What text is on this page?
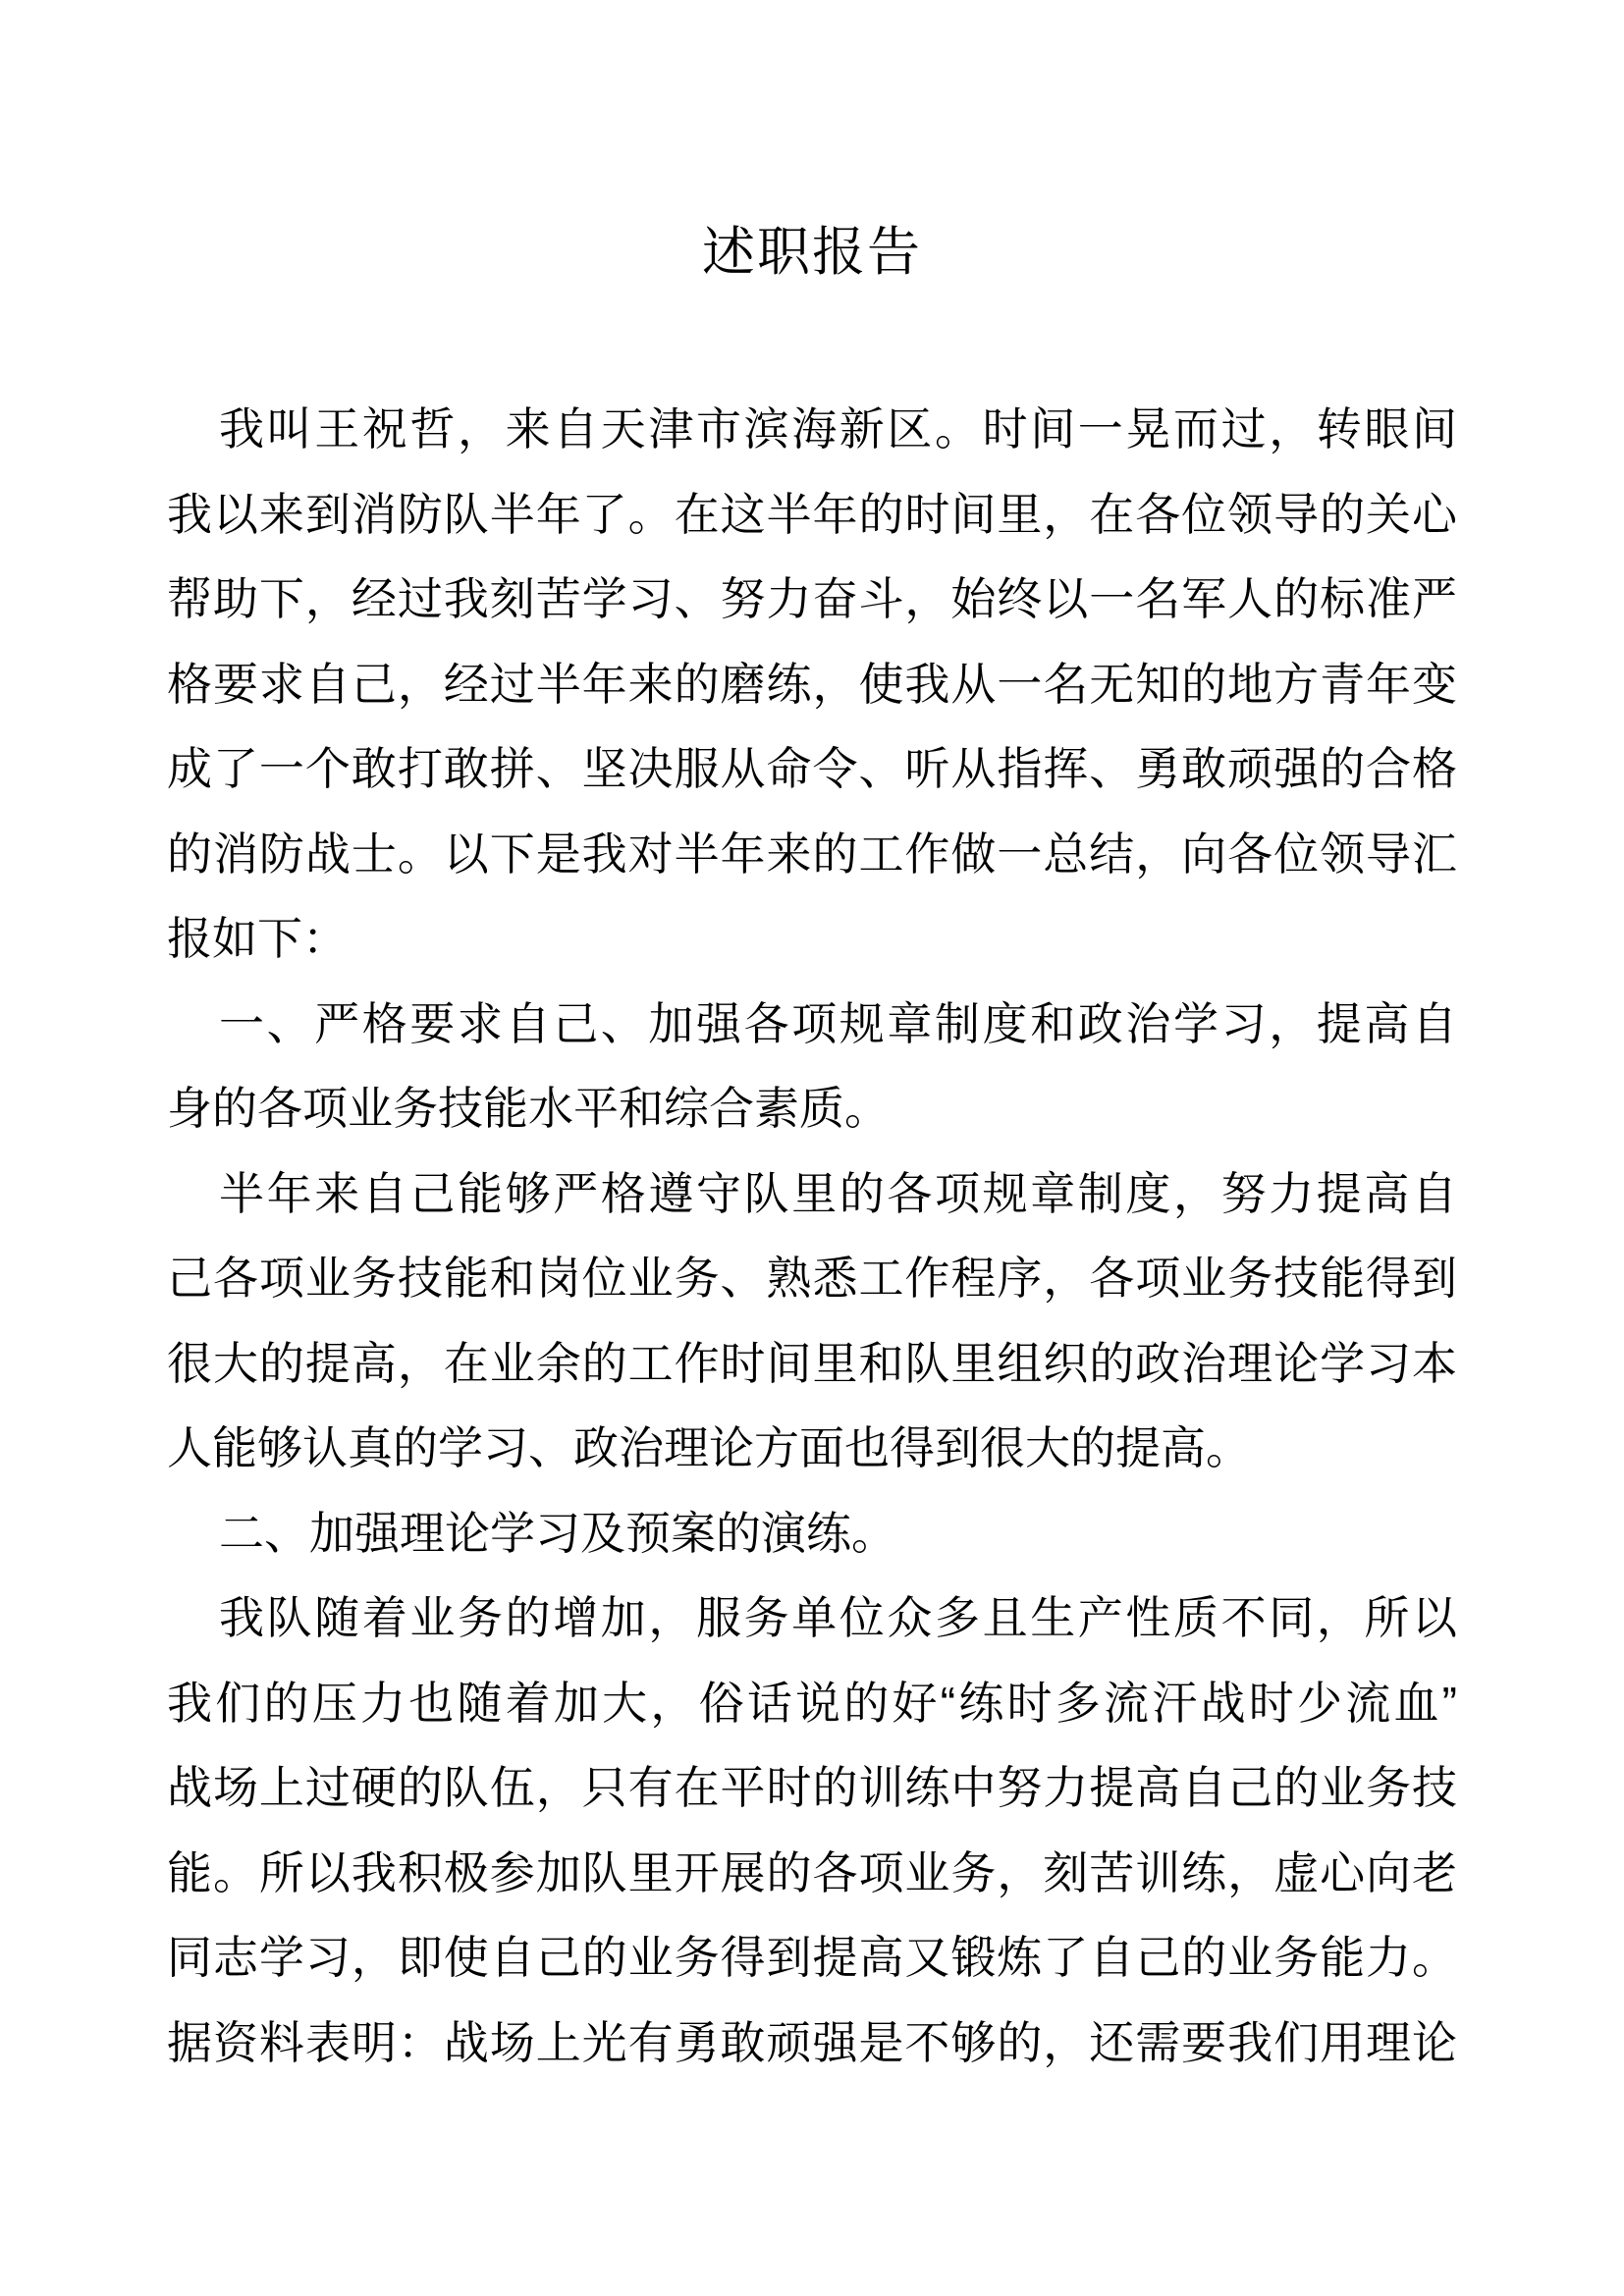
述职报告
我叫王祝哲，来自天津市滨海新区。时间一晃而过，转眼间
我以来到消防队半年了。在这半年的时间里，在各位领导的关心
帮助下，经过我刻苦学习、努力奋斗，始终以一名军人的标准严
格要求自己，经过半年来的磨练，使我从一名无知的地方青年变
成了一个敢打敢拼、坚决服从命令、听从指挥、勇敢顽强的合格
的消防战士。以下是我对半年来的工作做一总结，向各位领导汇
报如下：
一、严格要求自己、加强各项规章制度和政治学习，提高自
身的各项业务技能水平和综合素质。
半年来自己能够严格遵守队里的各项规章制度，努力提高自
己各项业务技能和岗位业务、熟悉工作程序，各项业务技能得到
很大的提高，在业余的工作时间里和队里组织的政治理论学习本
人能够认真的学习、政治理论方面也得到很大的提高。
二、加强理论学习及预案的演练。
我队随着业务的增加，服务单位众多且生产性质不同，所以
我们的压力也随着加大，俗话说的好“练时多流汗战时少流血”
战场上过硬的队伍，只有在平时的训练中努力提高自己的业务技
能。所以我积极参加队里开展的各项业务，刻苦训练，虚心向老
同志学习，即使自己的业务得到提高又锻炼了自己的业务能力。
据资料表明：战场上光有勇敢顽强是不够的，还需要我们用理论
